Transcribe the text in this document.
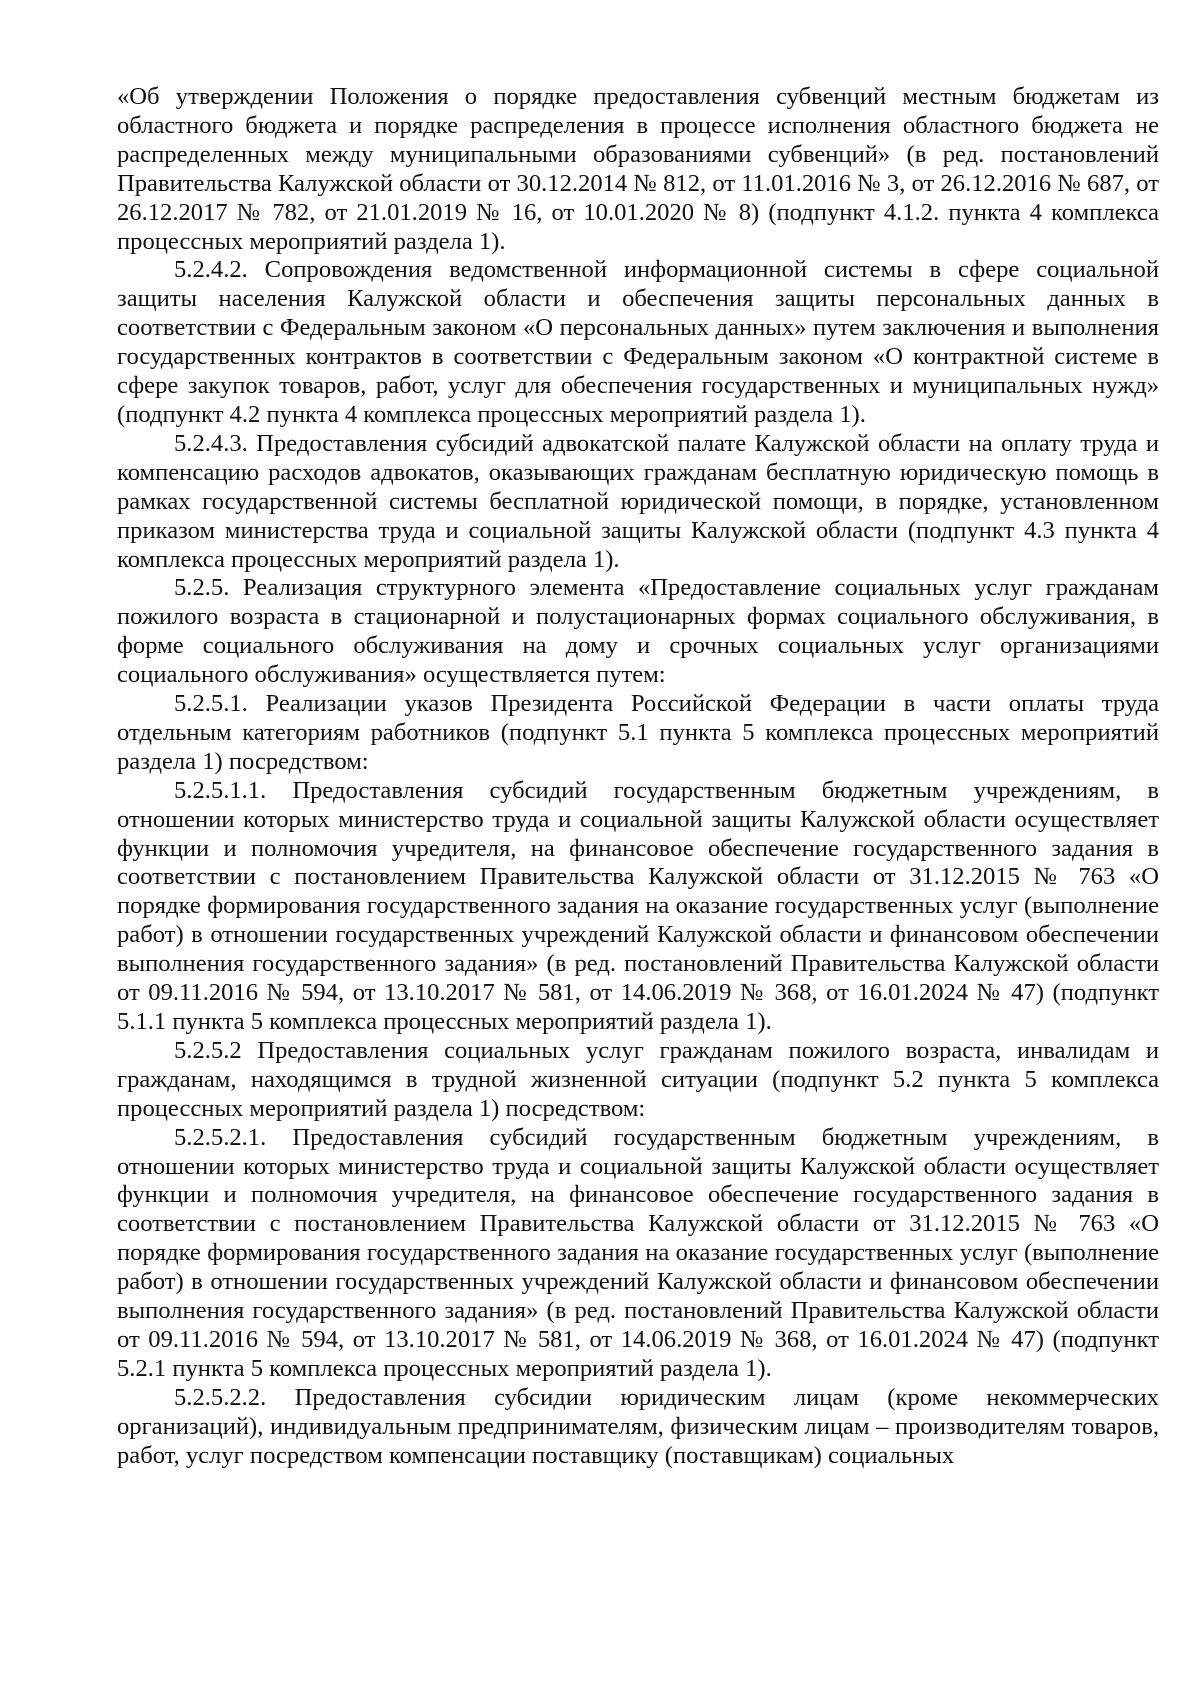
«Об утверждении Положения о порядке предоставления субвенций местным бюджетам из областного бюджета и порядке распределения в процессе исполнения областного бюджета не распределенных между муниципальными образованиями субвенций» (в ред. постановлений Правительства Калужской области от 30.12.2014 № 812, от 11.01.2016 № 3, от 26.12.2016 № 687, от 26.12.2017 № 782, от 21.01.2019 № 16, от 10.01.2020 № 8) (подпункт 4.1.2. пункта 4 комплекса процессных мероприятий раздела 1).

5.2.4.2. Сопровождения ведомственной информационной системы в сфере социальной защиты населения Калужской области и обеспечения защиты персональных данных в соответствии с Федеральным законом «О персональных данных» путем заключения и выполнения государственных контрактов в соответствии с Федеральным законом «О контрактной системе в сфере закупок товаров, работ, услуг для обеспечения государственных и муниципальных нужд» (подпункт 4.2 пункта 4 комплекса процессных мероприятий раздела 1).

5.2.4.3. Предоставления субсидий адвокатской палате Калужской области на оплату труда и компенсацию расходов адвокатов, оказывающих гражданам бесплатную юридическую помощь в рамках государственной системы бесплатной юридической помощи, в порядке, установленном приказом министерства труда и социальной защиты Калужской области (подпункт 4.3 пункта 4 комплекса процессных мероприятий раздела 1).

5.2.5. Реализация структурного элемента «Предоставление социальных услуг гражданам пожилого возраста в стационарной и полустационарных формах социального обслуживания, в форме социального обслуживания на дому и срочных социальных услуг организациями социального обслуживания» осуществляется путем:

5.2.5.1. Реализации указов Президента Российской Федерации в части оплаты труда отдельным категориям работников (подпункт 5.1 пункта 5 комплекса процессных мероприятий раздела 1) посредством:

5.2.5.1.1. Предоставления субсидий государственным бюджетным учреждениям, в отношении которых министерство труда и социальной защиты Калужской области осуществляет функции и полномочия учредителя, на финансовое обеспечение государственного задания в соответствии с постановлением Правительства Калужской области от 31.12.2015 № 763 «О порядке формирования государственного задания на оказание государственных услуг (выполнение работ) в отношении государственных учреждений Калужской области и финансовом обеспечении выполнения государственного задания» (в ред. постановлений Правительства Калужской области от 09.11.2016 № 594, от 13.10.2017 № 581, от 14.06.2019 № 368, от 16.01.2024 № 47) (подпункт 5.1.1 пункта 5 комплекса процессных мероприятий раздела 1).

5.2.5.2 Предоставления социальных услуг гражданам пожилого возраста, инвалидам и гражданам, находящимся в трудной жизненной ситуации (подпункт 5.2 пункта 5 комплекса процессных мероприятий раздела 1) посредством:

5.2.5.2.1. Предоставления субсидий государственным бюджетным учреждениям, в отношении которых министерство труда и социальной защиты Калужской области осуществляет функции и полномочия учредителя, на финансовое обеспечение государственного задания в соответствии с постановлением Правительства Калужской области от 31.12.2015 № 763 «О порядке формирования государственного задания на оказание государственных услуг (выполнение работ) в отношении государственных учреждений Калужской области и финансовом обеспечении выполнения государственного задания» (в ред. постановлений Правительства Калужской области от 09.11.2016 № 594, от 13.10.2017 № 581, от 14.06.2019 № 368, от 16.01.2024 № 47) (подпункт 5.2.1 пункта 5 комплекса процессных мероприятий раздела 1).

5.2.5.2.2. Предоставления субсидии юридическим лицам (кроме некоммерческих организаций), индивидуальным предпринимателям, физическим лицам – производителям товаров, работ, услуг посредством компенсации поставщику (поставщикам) социальных
